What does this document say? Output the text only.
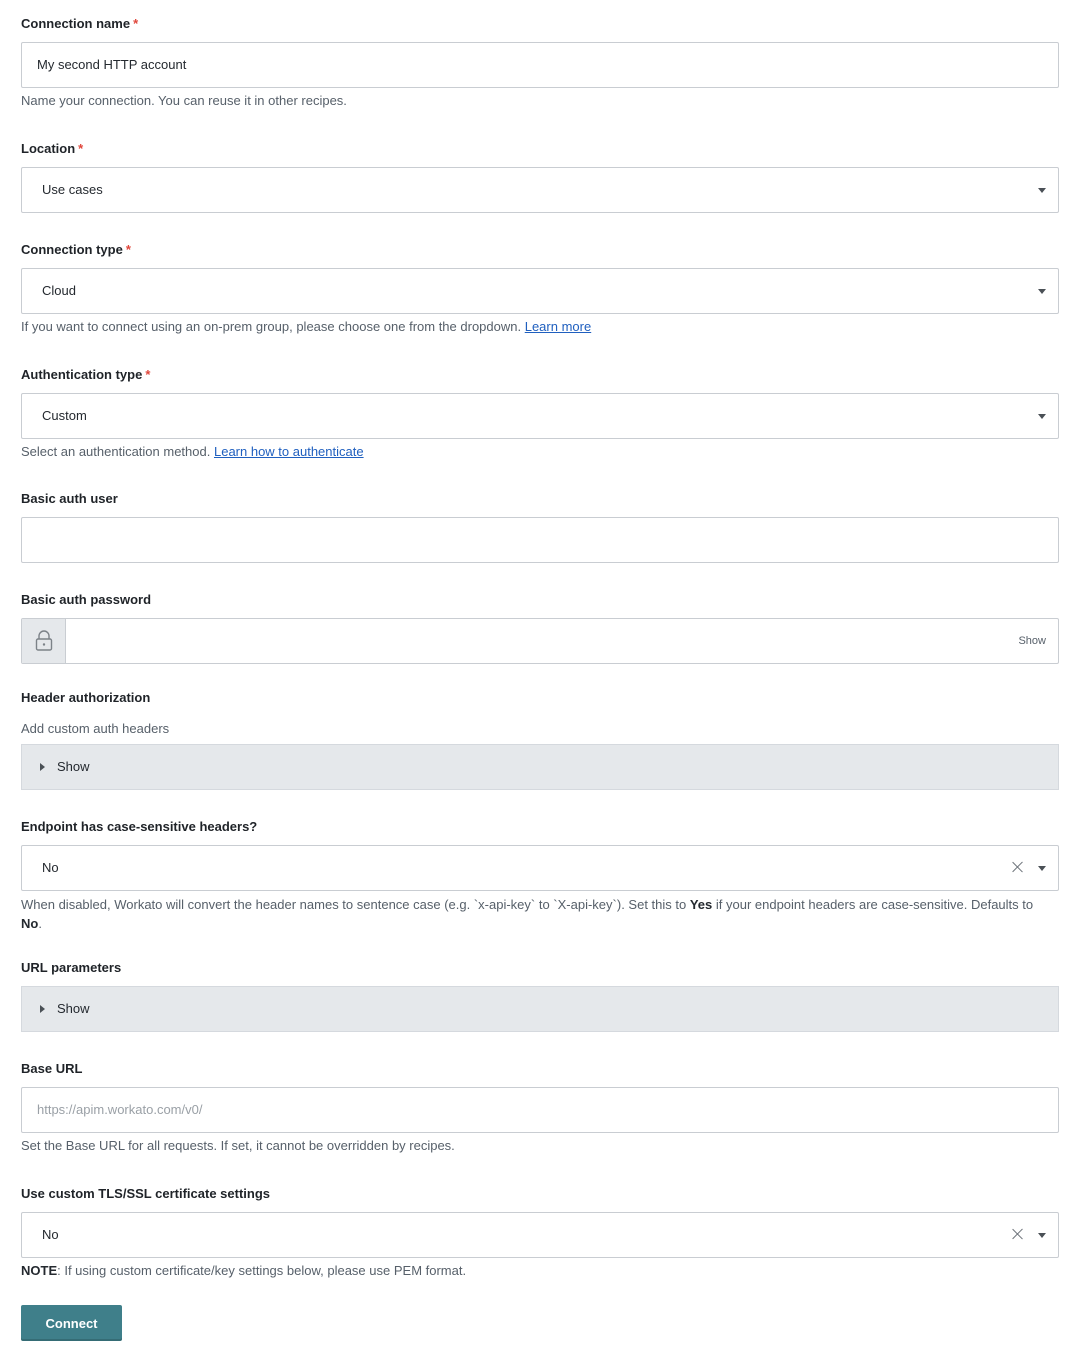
Connection name *
My second HTTP account
Name your connection. You can reuse it in other recipes.
Location *
Use cases
Connection type *
Cloud
If you want to connect using an on-prem group, please choose one from the dropdown. Learn more
Authentication type *
Custom
Select an authentication method. Learn how to authenticate
Basic auth user
Basic auth password
Show
Header authorization
Add custom auth headers
Show
Endpoint has case-sensitive headers?
No
When disabled, Workato will convert the header names to sentence case (e.g. `x-api-key` to `X-api-key`). Set this to Yes if your endpoint headers are case-sensitive. Defaults to No.
URL parameters
Show
Base URL
https://apim.workato.com/v0/
Set the Base URL for all requests. If set, it cannot be overridden by recipes.
Use custom TLS/SSL certificate settings
No
NOTE: If using custom certificate/key settings below, please use PEM format.
Connect
